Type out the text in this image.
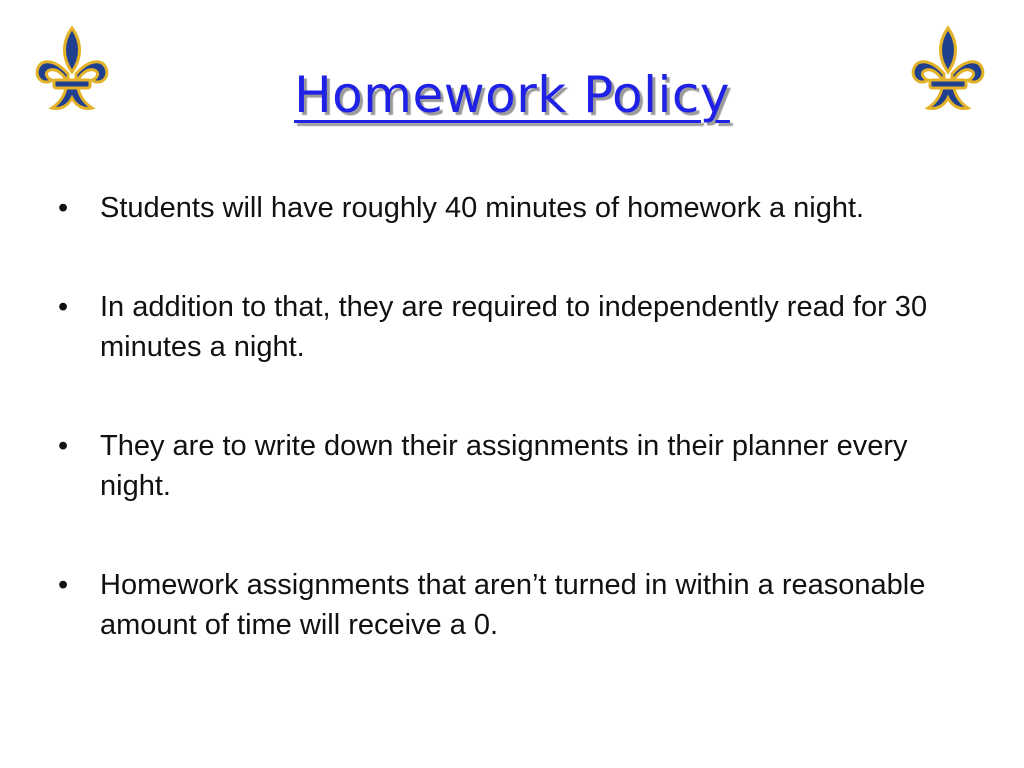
Homework Policy
•	Students will have roughly 40 minutes of homework a night.
•	In addition to that, they are required to independently read for 30 minutes a night.
•	They are to write down their assignments in their planner every night.
•	Homework assignments that aren’t turned in within a reasonable amount of time will receive a 0.
